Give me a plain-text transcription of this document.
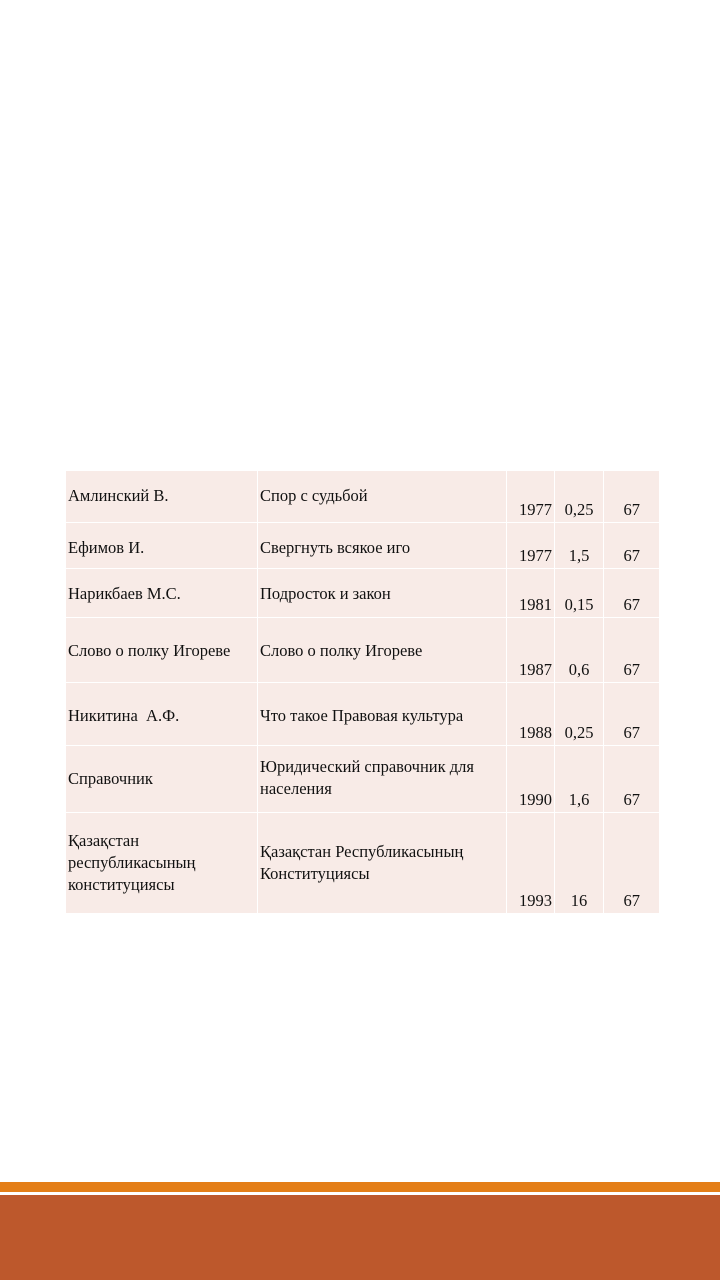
Амлинский В.	Спор с судьбой	1977	0,25	67
Ефимов И.	Свергнуть всякое иго	1977	1,5	67
Нарикбаев М.С.	Подросток и закон	1981	0,15	67
Слово о полку Игореве	Слово о полку Игореве	1987	0,6	67
Никитина  А.Ф.	Что такое Правовая культура	1988	0,25	67
Справочник	Юридический справочник для населения	1990	1,6	67
Қазақстан республикасының конституциясы	Қазақстан Республикасының Конституциясы	1993	16	67
